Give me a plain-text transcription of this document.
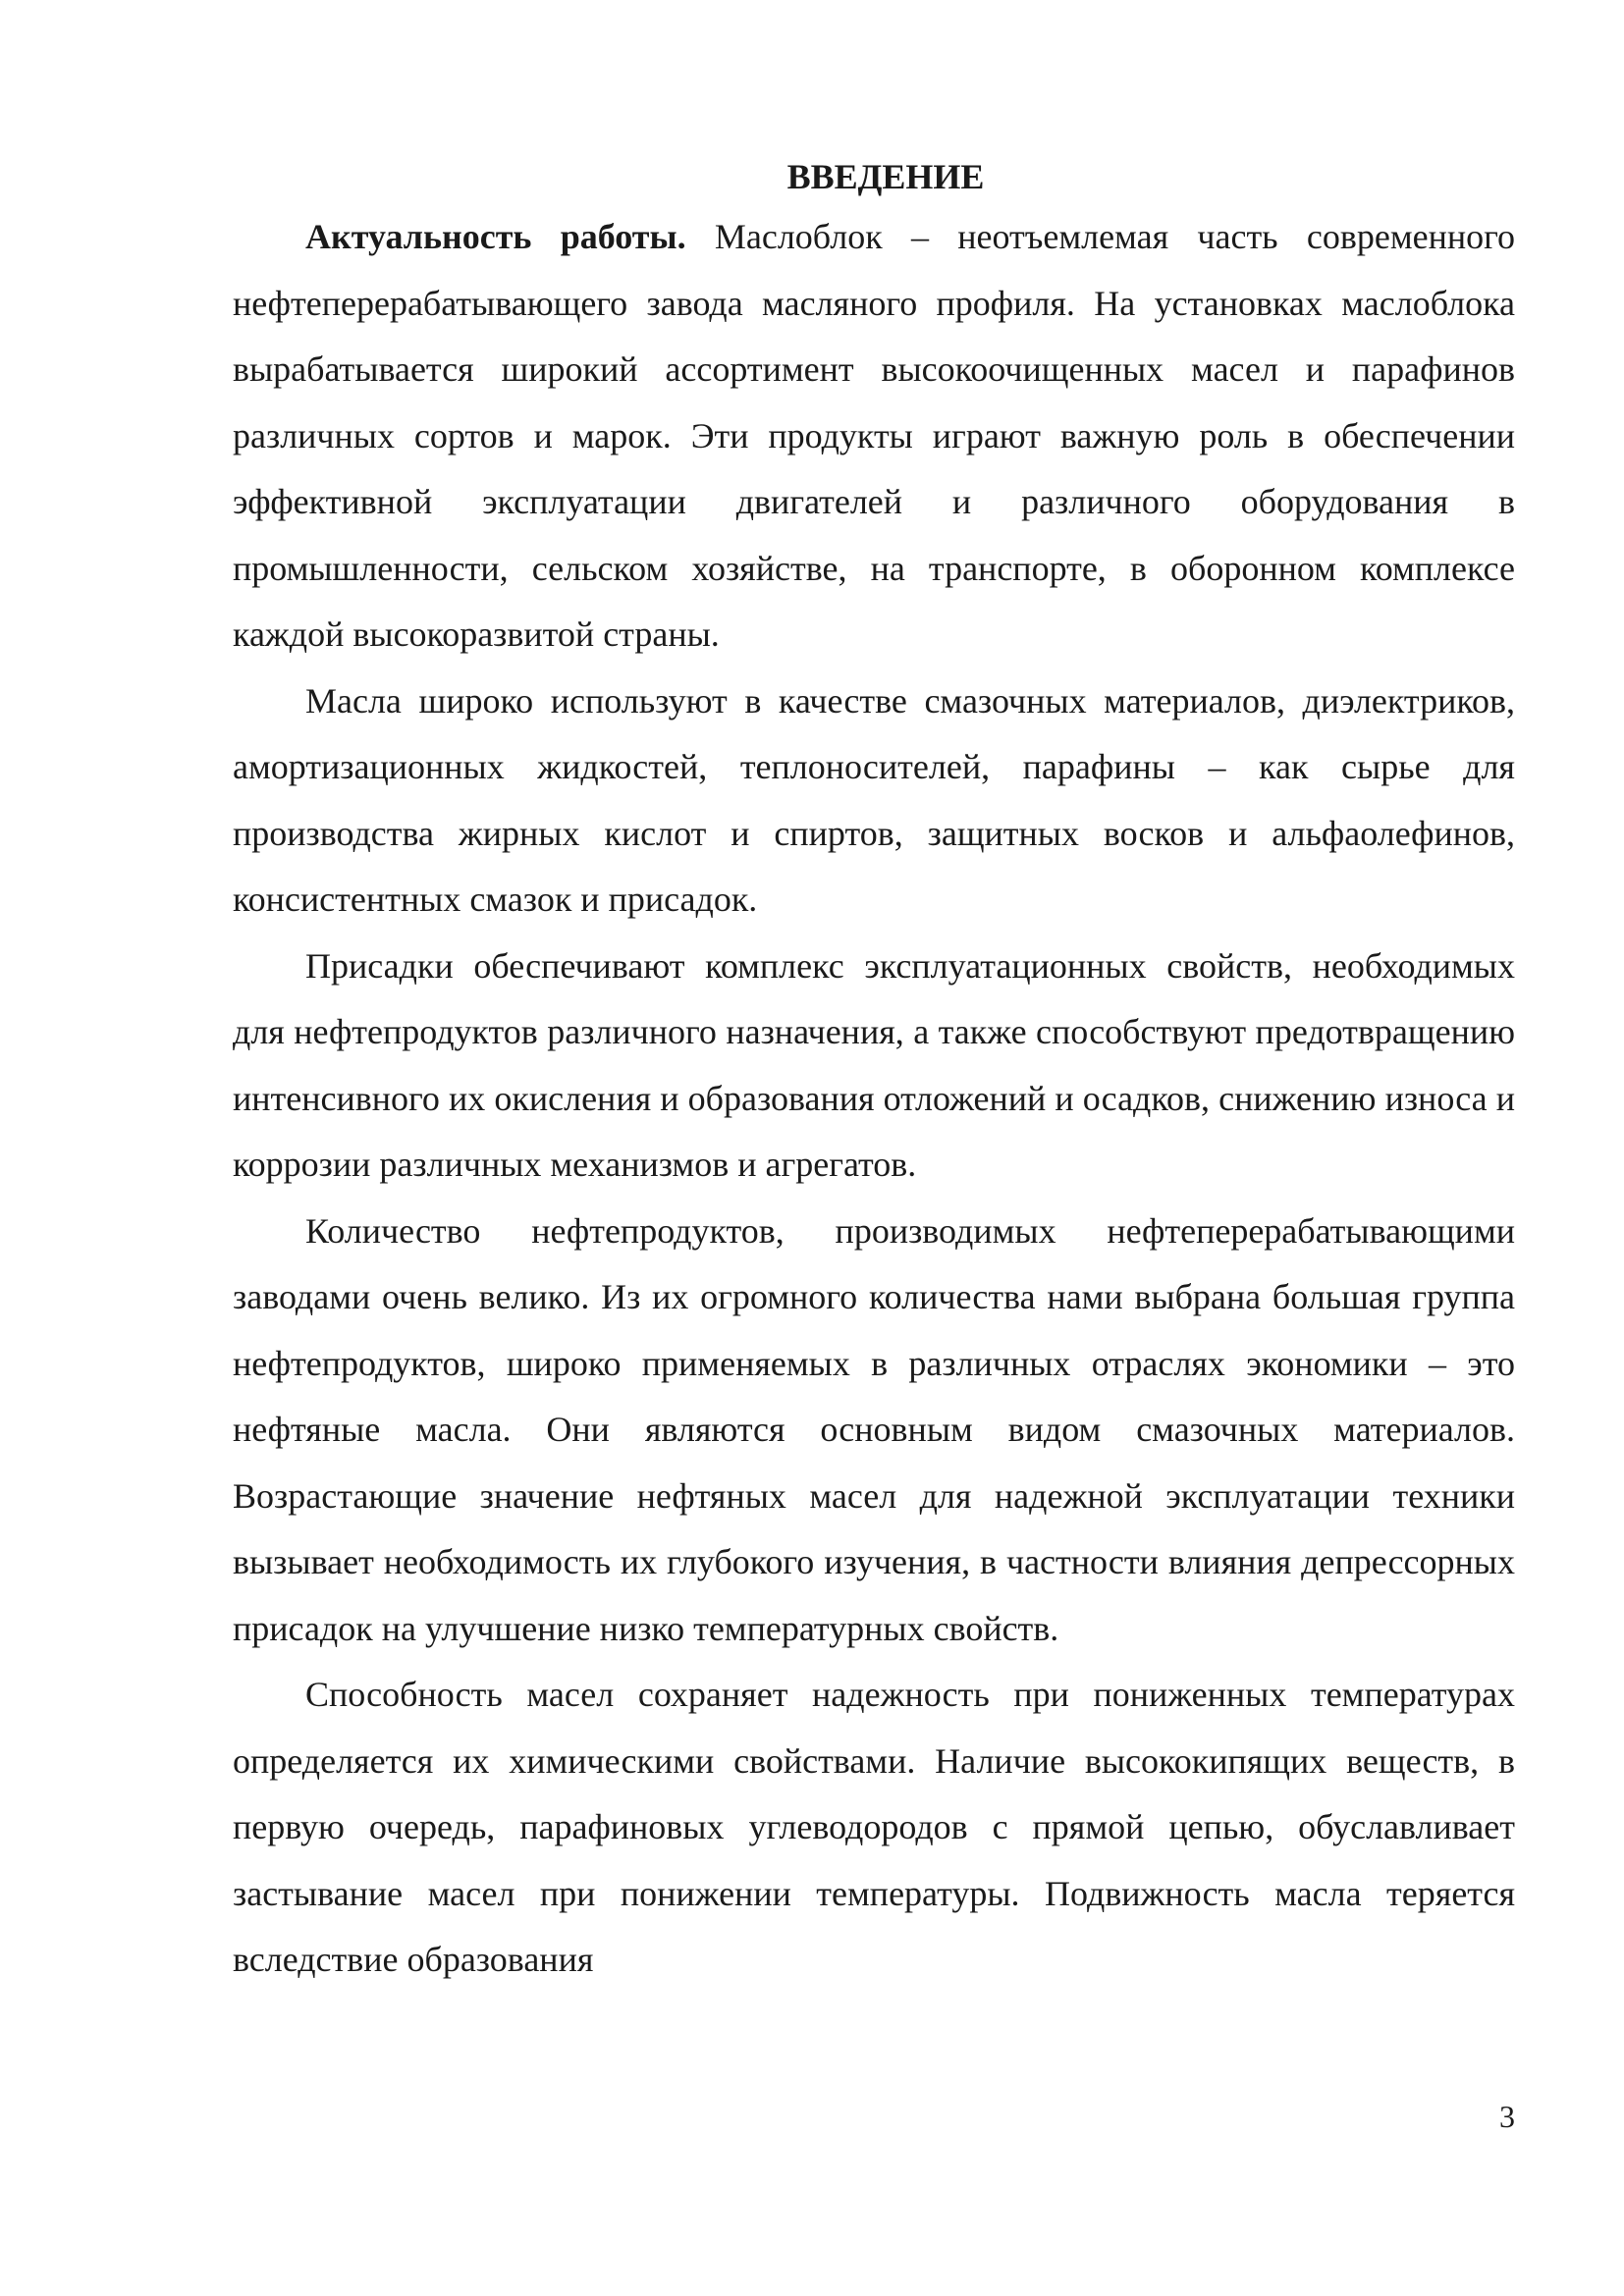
ВВЕДЕНИЕ

Актуальность работы. Маслоблок – неотъемлемая часть современного нефтеперерабатывающего завода масляного профиля. На установках маслоблока вырабатывается широкий ассортимент высокоочищенных масел и парафинов различных сортов и марок. Эти продукты играют важную роль в обеспечении эффективной эксплуатации двигателей и различного оборудования в промышленности, сельском хозяйстве, на транспорте, в оборонном комплексе каждой высокоразвитой страны.

Масла широко используют в качестве смазочных материалов, диэлектриков, амортизационных жидкостей, теплоносителей, парафины – как сырье для производства жирных кислот и спиртов, защитных восков и альфаолефинов, консистентных смазок и присадок.

Присадки обеспечивают комплекс эксплуатационных свойств, необходимых для нефтепродуктов различного назначения, а также способствуют предотвращению интенсивного их окисления и образования отложений и осадков, снижению износа и коррозии различных механизмов и агрегатов.

Количество нефтепродуктов, производимых нефтеперерабатывающими заводами очень велико. Из их огромного количества нами выбрана большая группа нефтепродуктов, широко применяемых в различных отраслях экономики – это нефтяные масла. Они являются основным видом смазочных материалов. Возрастающие значение нефтяных масел для надежной эксплуатации техники вызывает необходимость их глубокого изучения, в частности влияния депрессорных присадок на улучшение низко температурных свойств.

Способность масел сохраняет надежность при пониженных температурах определяется их химическими свойствами. Наличие высококипящих веществ, в первую очередь, парафиновых углеводородов с прямой цепью, обуславливает застывание масел при понижении температуры. Подвижность масла теряется вследствие образования

3
